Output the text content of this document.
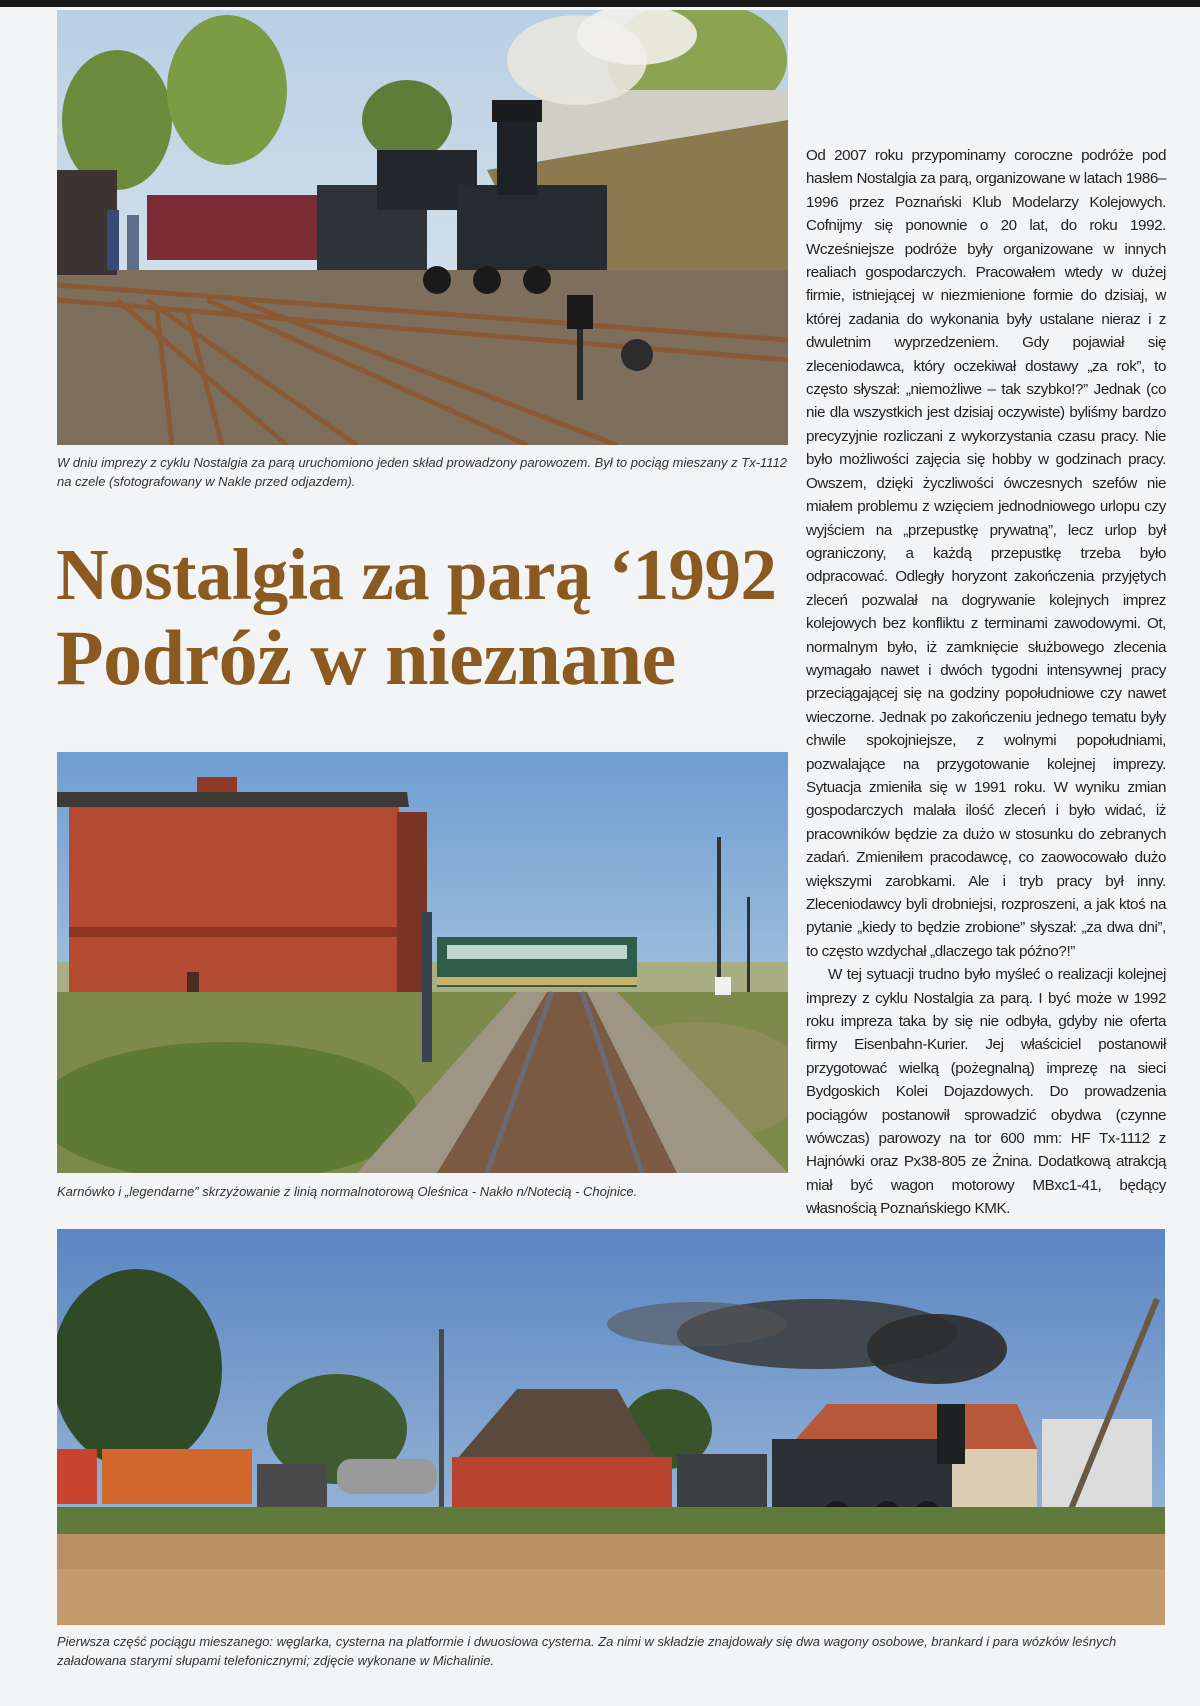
W dniu imprezy z cyklu Nostalgia za parą uruchomiono jeden skład prowadzony parowozem. Był to pociąg mieszany z Tx-1112 na czele (sfotografowany w Nakle przed odjazdem).

Nostalgia za parą ‘1992
Podróż w nieznane

Karnówko i „legendarne” skrzyżowanie z linią normalnotorową Oleśnica - Nakło n/Notecią - Chojnice.

Od 2007 roku przypominamy coroczne podróże pod hasłem Nostalgia za parą, organizowane w latach 1986–1996 przez Poznański Klub Modelarzy Kolejowych. Cofnijmy się ponownie o 20 lat, do roku 1992. Wcześniejsze podróże były organizowane w innych realiach gospodarczych. Pracowałem wtedy w dużej firmie, istniejącej w niezmienione formie do dzisiaj, w której zadania do wykonania były ustalane nieraz i z dwuletnim wyprzedzeniem. Gdy pojawiał się zleceniodawca, który oczekiwał dostawy „za rok”, to często słyszał: „niemożliwe – tak szybko!?” Jednak (co nie dla wszystkich jest dzisiaj oczywiste) byliśmy bardzo precyzyjnie rozliczani z wykorzystania czasu pracy. Nie było możliwości zajęcia się hobby w godzinach pracy. Owszem, dzięki życzliwości ówczesnych szefów nie miałem problemu z wzięciem jednodniowego urlopu czy wyjściem na „przepustkę prywatną”, lecz urlop był ograniczony, a każdą przepustkę trzeba było odpracować. Odległy horyzont zakończenia przyjętych zleceń pozwalał na dogrywanie kolejnych imprez kolejowych bez konfliktu z terminami zawodowymi. Ot, normalnym było, iż zamknięcie służbowego zlecenia wymagało nawet i dwóch tygodni intensywnej pracy przeciągającej się na godziny popołudniowe czy nawet wieczorne. Jednak po zakończeniu jednego tematu były chwile spokojniejsze, z wolnymi popołudniami, pozwalające na przygotowanie kolejnej imprezy. Sytuacja zmieniła się w 1991 roku. W wyniku zmian gospodarczych malała ilość zleceń i było widać, iż pracowników będzie za dużo w stosunku do zebranych zadań. Zmieniłem pracodawcę, co zaowocowało dużo większymi zarobkami. Ale i tryb pracy był inny. Zleceniodawcy byli drobniejsi, rozproszeni, a jak ktoś na pytanie „kiedy to będzie zrobione” słyszał: „za dwa dni”, to często wzdychał „dlaczego tak późno?!”

W tej sytuacji trudno było myśleć o realizacji kolejnej imprezy z cyklu Nostalgia za parą. I być może w 1992 roku impreza taka by się nie odbyła, gdyby nie oferta firmy Eisenbahn-Kurier. Jej właściciel postanowił przygotować wielką (pożegnalną) imprezę na sieci Bydgoskich Kolei Dojazdowych. Do prowadzenia pociągów postanowił sprowadzić obydwa (czynne wówczas) parowozy na tor 600 mm: HF Tx-1112 z Hajnówki oraz Px38-805 ze Żnina. Dodatkową atrakcją miał być wagon motorowy MBxc1-41, będący własnością Poznańskiego KMK.

Pierwsza część pociągu mieszanego: węglarka, cysterna na platformie i dwuosiowa cysterna. Za nimi w składzie znajdowały się dwa wagony osobowe, brankard i para wózków leśnych załadowana starymi słupami telefonicznymi; zdjęcie wykonane w Michalinie.
